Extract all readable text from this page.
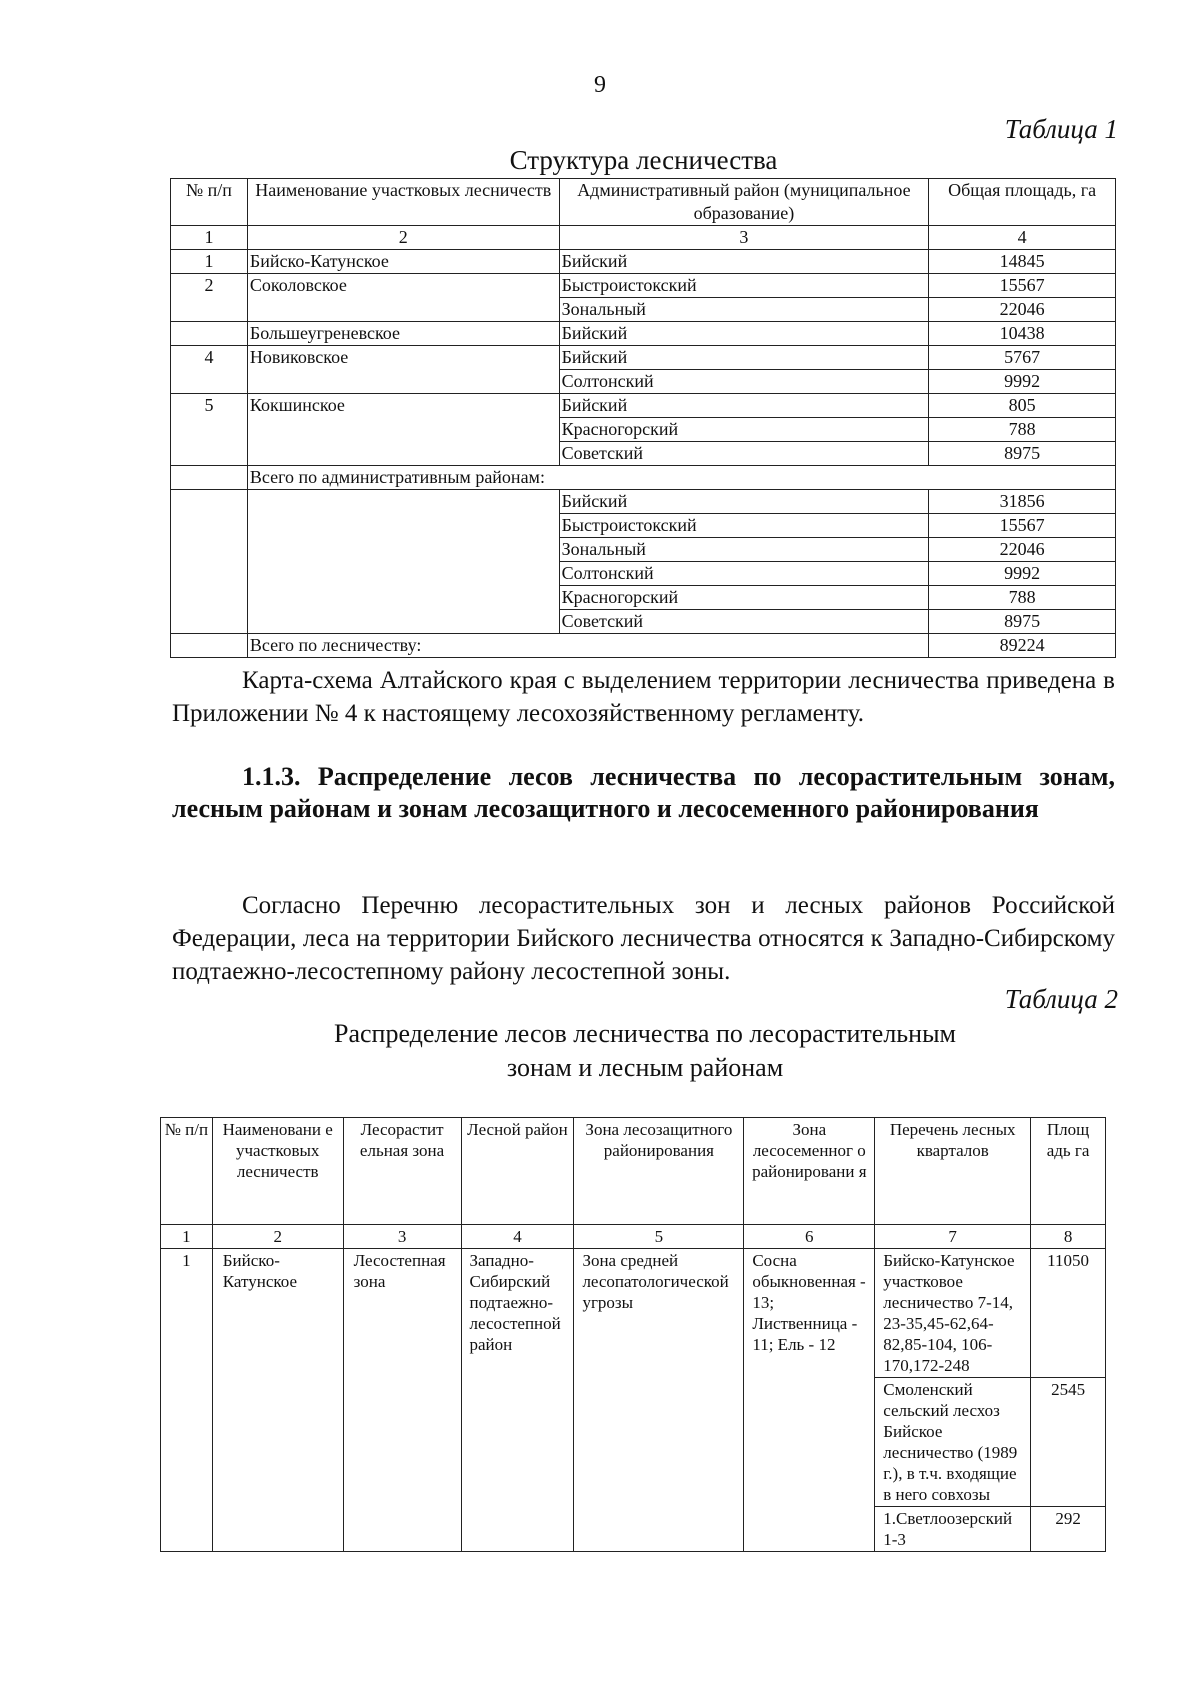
9
Таблица 1
Структура лесничества
№ п/п	Наименование участковых лесничеств	Административный район (муниципальное образование)	Общая площадь, га
1	2	3	4
1	Бийско-Катунское	Бийский	14845
2	Соколовское	Быстроистокский	15567
		Зональный	22046
	Большеугреневское	Бийский	10438
4	Новиковское	Бийский	5767
		Солтонский	9992
5	Кокшинское	Бийский	805
		Красногорский	788
		Советский	8975
	Всего по административным районам:		
		Бийский	31856
		Быстроистокский	15567
		Зональный	22046
		Солтонский	9992
		Красногорский	788
		Советский	8975
	Всего по лесничеству:		89224
Карта-схема Алтайского края с выделением территории лесничества приведена в Приложении № 4 к настоящему лесохозяйственному регламенту.
1.1.3. Распределение лесов лесничества по лесорастительным зонам, лесным районам и зонам лесозащитного и лесосеменного районирования
Согласно Перечню лесорастительных зон и лесных районов Российской Федерации, леса на территории Бийского лесничества относятся к Западно-Сибирскому подтаежно-лесостепному району лесостепной зоны.
Таблица 2
Распределение лесов лесничества по лесорастительным
зонам и лесным районам
№ п/п	Наименовани е участковых лесничеств	Лесорастит ельная зона	Лесной район	Зона лесозащитного районирования	Зона лесосеменног о районировани я	Перечень лесных кварталов	Площ адь га
1	2	3	4	5	6	7	8
1	Бийско-Катунское	Лесостепная зона	Западно-Сибирский подтаежно-лесостепной район	Зона средней лесопатологической угрозы	Сосна обыкновенная - 13; Лиственница - 11; Ель - 12	Бийско-Катунское участковое лесничество 7-14, 23-35,45-62,64-82,85-104, 106-170,172-248	11050
						Смоленский сельский лесхоз Бийское лесничество (1989 г.), в т.ч. входящие в него совхозы	2545
						1.Светлоозерский 1-3	292
